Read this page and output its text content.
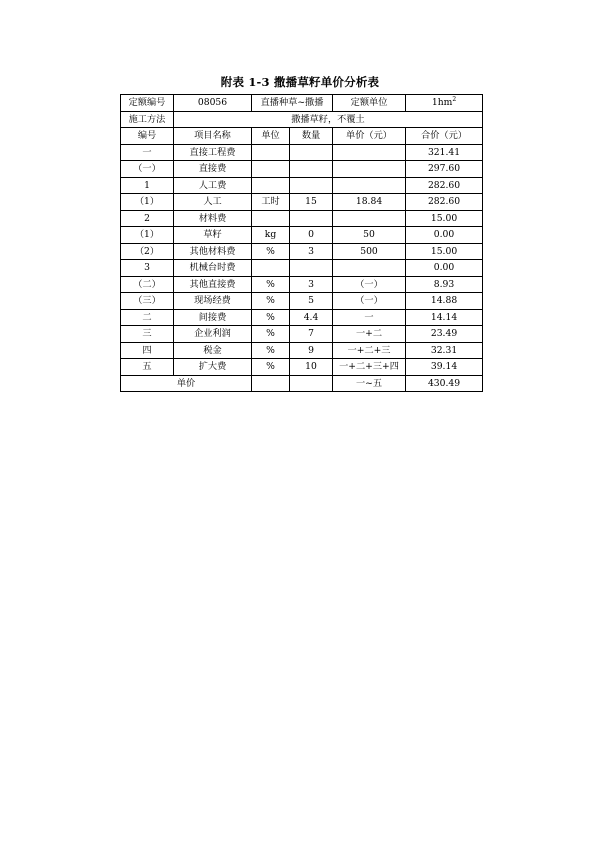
附表 1-3 撒播草籽单价分析表
定额编号	08056	直播种草~撒播		定额单位	$1hm^2$
施工方法	撒播草籽，不覆土				
编号	项目名称	单位	数量	单价（元）	合价（元）
一	直接工程费				321.41
（一）	直接费				297.60
1	人工费				282.60
（1）	人工	工时	15	18.84	282.60
2	材料费				15.00
（1）	草籽	kg	0	50	0.00
（2）	其他材料费	%	3	500	15.00
3	机械台时费				0.00
（二）	其他直接费	%	3	（一）	8.93
（三）	现场经费	%	5	（一）	14.88
二	间接费	%	4.4	一	14.14
三	企业利润	%	7	一+二	23.49
四	税金	%	9	一+二+三	32.31
五	扩大费	%	10	一+二+三+四	39.14
单价				一~五	430.49
